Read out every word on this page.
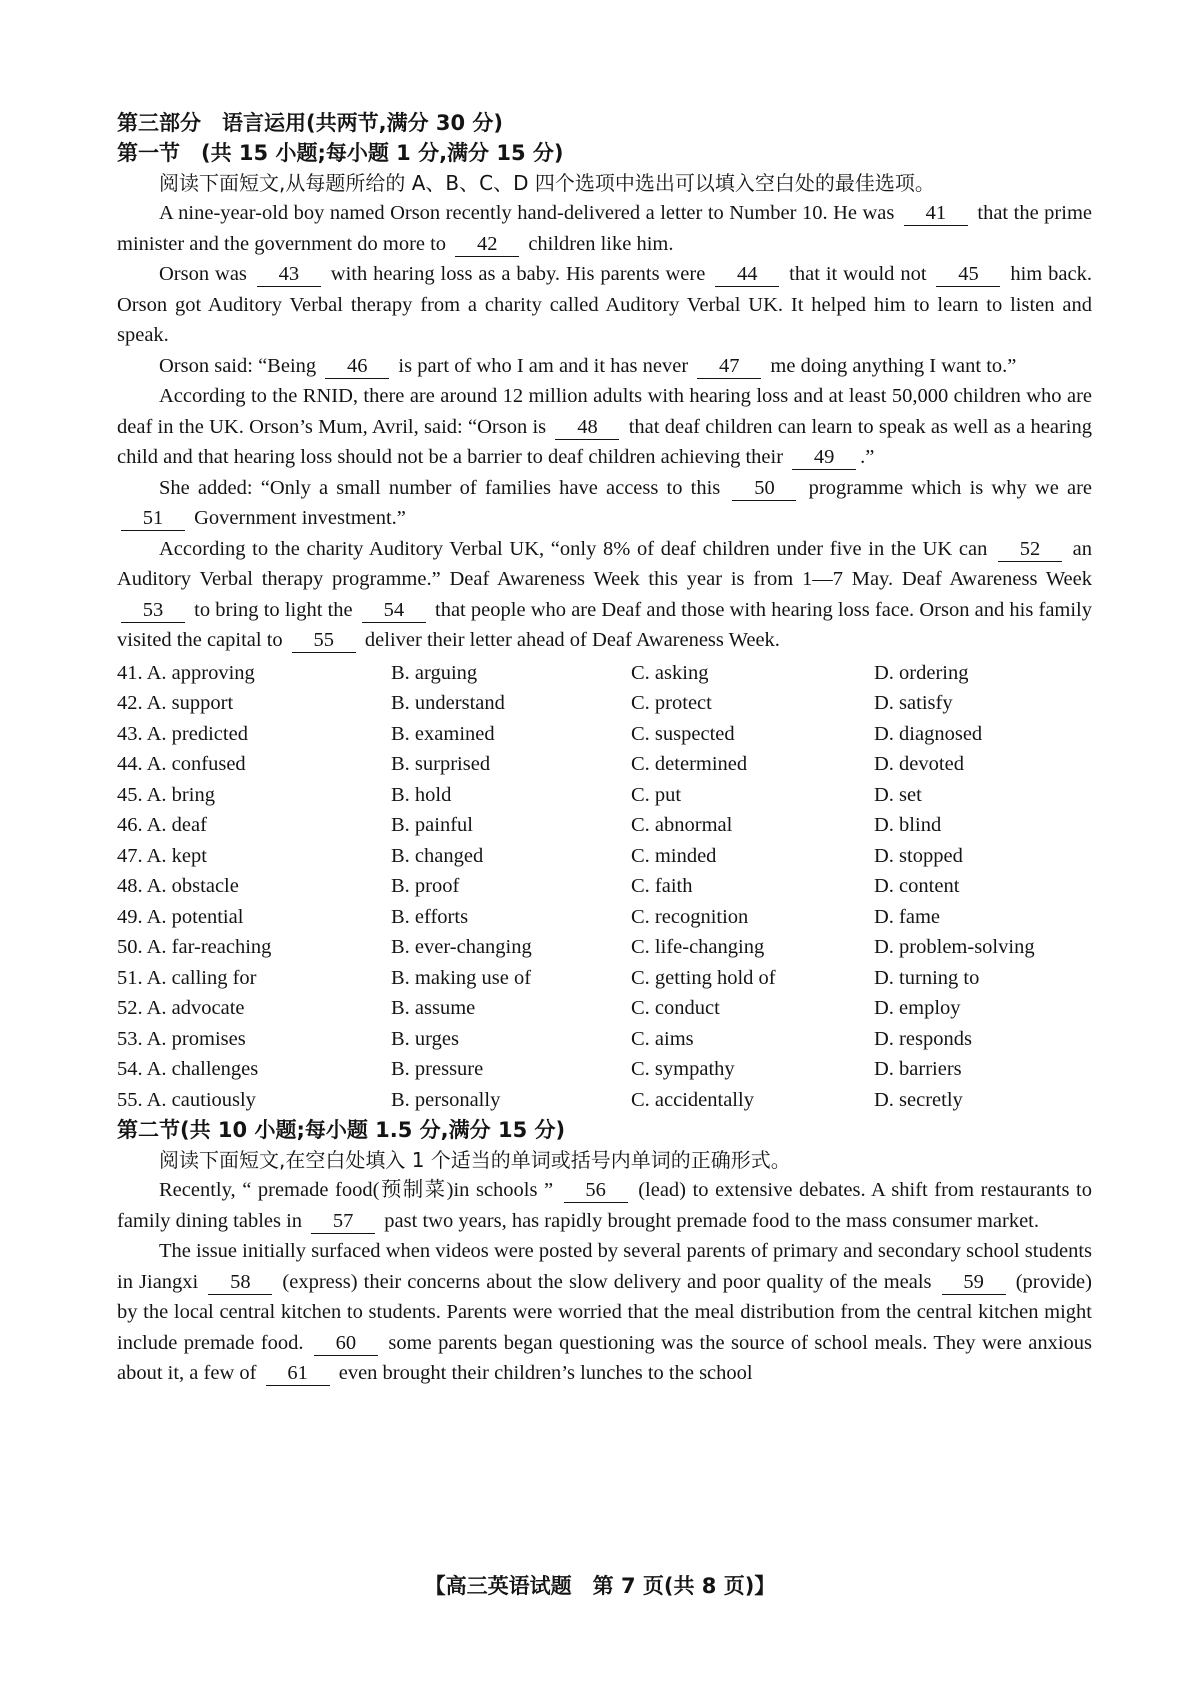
第三部分　语言运用(共两节,满分 30 分)

第一节　(共 15 小题;每小题 1 分,满分 15 分)

阅读下面短文,从每题所给的 A、B、C、D 四个选项中选出可以填入空白处的最佳选项。

A nine-year-old boy named Orson recently hand-delivered a letter to Number 10. He was 41 that the prime minister and the government do more to 42 children like him.

Orson was 43 with hearing loss as a baby. His parents were 44 that it would not 45 him back. Orson got Auditory Verbal therapy from a charity called Auditory Verbal UK. It helped him to learn to listen and speak.

Orson said: “Being 46 is part of who I am and it has never 47 me doing anything I want to.”

According to the RNID, there are around 12 million adults with hearing loss and at least 50,000 children who are deaf in the UK. Orson’s Mum, Avril, said: “Orson is 48 that deaf children can learn to speak as well as a hearing child and that hearing loss should not be a barrier to deaf children achieving their 49 .”

She added: “Only a small number of families have access to this 50 programme which is why we are 51 Government investment.”

According to the charity Auditory Verbal UK, “only 8% of deaf children under five in the UK can 52 an Auditory Verbal therapy programme.” Deaf Awareness Week this year is from 1—7 May. Deaf Awareness Week 53 to bring to light the 54 that people who are Deaf and those with hearing loss face. Orson and his family visited the capital to 55 deliver their letter ahead of Deaf Awareness Week.

41. A. approving	B. arguing	C. asking	D. ordering
42. A. support	B. understand	C. protect	D. satisfy
43. A. predicted	B. examined	C. suspected	D. diagnosed
44. A. confused	B. surprised	C. determined	D. devoted
45. A. bring	B. hold	C. put	D. set
46. A. deaf	B. painful	C. abnormal	D. blind
47. A. kept	B. changed	C. minded	D. stopped
48. A. obstacle	B. proof	C. faith	D. content
49. A. potential	B. efforts	C. recognition	D. fame
50. A. far-reaching	B. ever-changing	C. life-changing	D. problem-solving
51. A. calling for	B. making use of	C. getting hold of	D. turning to
52. A. advocate	B. assume	C. conduct	D. employ
53. A. promises	B. urges	C. aims	D. responds
54. A. challenges	B. pressure	C. sympathy	D. barriers
55. A. cautiously	B. personally	C. accidentally	D. secretly

第二节(共 10 小题;每小题 1.5 分,满分 15 分)

阅读下面短文,在空白处填入 1 个适当的单词或括号内单词的正确形式。

Recently, “ premade food(预制菜)in schools ” 56 (lead) to extensive debates. A shift from restaurants to family dining tables in 57 past two years, has rapidly brought premade food to the mass consumer market.

The issue initially surfaced when videos were posted by several parents of primary and secondary school students in Jiangxi 58 (express) their concerns about the slow delivery and poor quality of the meals 59 (provide) by the local central kitchen to students. Parents were worried that the meal distribution from the central kitchen might include premade food. 60 some parents began questioning was the source of school meals. They were anxious about it, a few of 61 even brought their children’s lunches to the school

【高三英语试题　第 7 页(共 8 页)】
